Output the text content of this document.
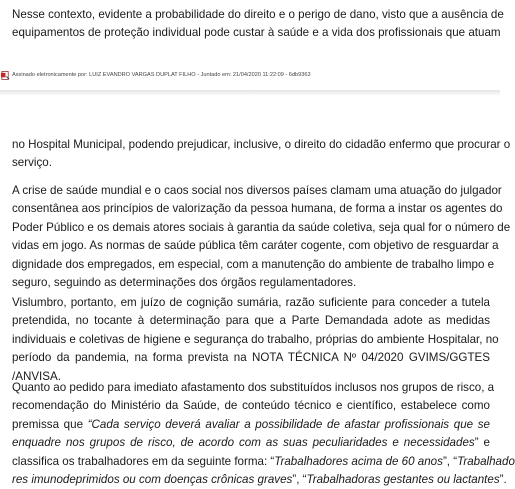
Nesse contexto, evidente a probabilidade do direito e o perigo de dano, visto que a ausência de
equipamentos de proteção individual pode custar à saúde e a vida dos profissionais que atuam

Assinado eletronicamente por: LUIZ EVANDRO VARGAS DUPLAT FILHO - Juntado em: 21/04/2020 11:22:09 - 6db9363

no Hospital Municipal, podendo prejudicar, inclusive, o direito do cidadão enfermo que procurar o
serviço.

A crise de saúde mundial e o caos social nos diversos países clamam uma atuação do julgador
consentânea aos princípios de valorização da pessoa humana, de forma a instar os agentes do
Poder Público e os demais atores sociais à garantia da saúde coletiva, seja qual for o número de
vidas em jogo. As normas de saúde pública têm caráter cogente, com objetivo de resguardar a
dignidade dos empregados, em especial, com a manutenção do ambiente de trabalho limpo e
seguro, seguindo as determinações dos órgãos regulamentadores.

Vislumbro, portanto, em juízo de cognição sumária, razão suficiente para conceder a tutela
pretendida, no tocante à determinação para que a Parte Demandada adote as medidas
individuais e coletivas de higiene e segurança do trabalho, próprias do ambiente Hospitalar, no
período da pandemia, na forma prevista na NOTA TÉCNICA Nº 04/2020 GVIMS/GGTES
/ANVISA.

Quanto ao pedido para imediato afastamento dos substituídos inclusos nos grupos de risco, a
recomendação do Ministério da Saúde, de conteúdo técnico e científico, estabelece como
premissa que “Cada serviço deverá avaliar a possibilidade de afastar profissionais que se
enquadre nos grupos de risco, de acordo com as suas peculiaridades e necessidades” e
classifica os trabalhadores em da seguinte forma: “Trabalhadores acima de 60 anos”, “Trabalhado
res imunodeprimidos ou com doenças crônicas graves”, “Trabalhadoras gestantes ou lactantes”.
